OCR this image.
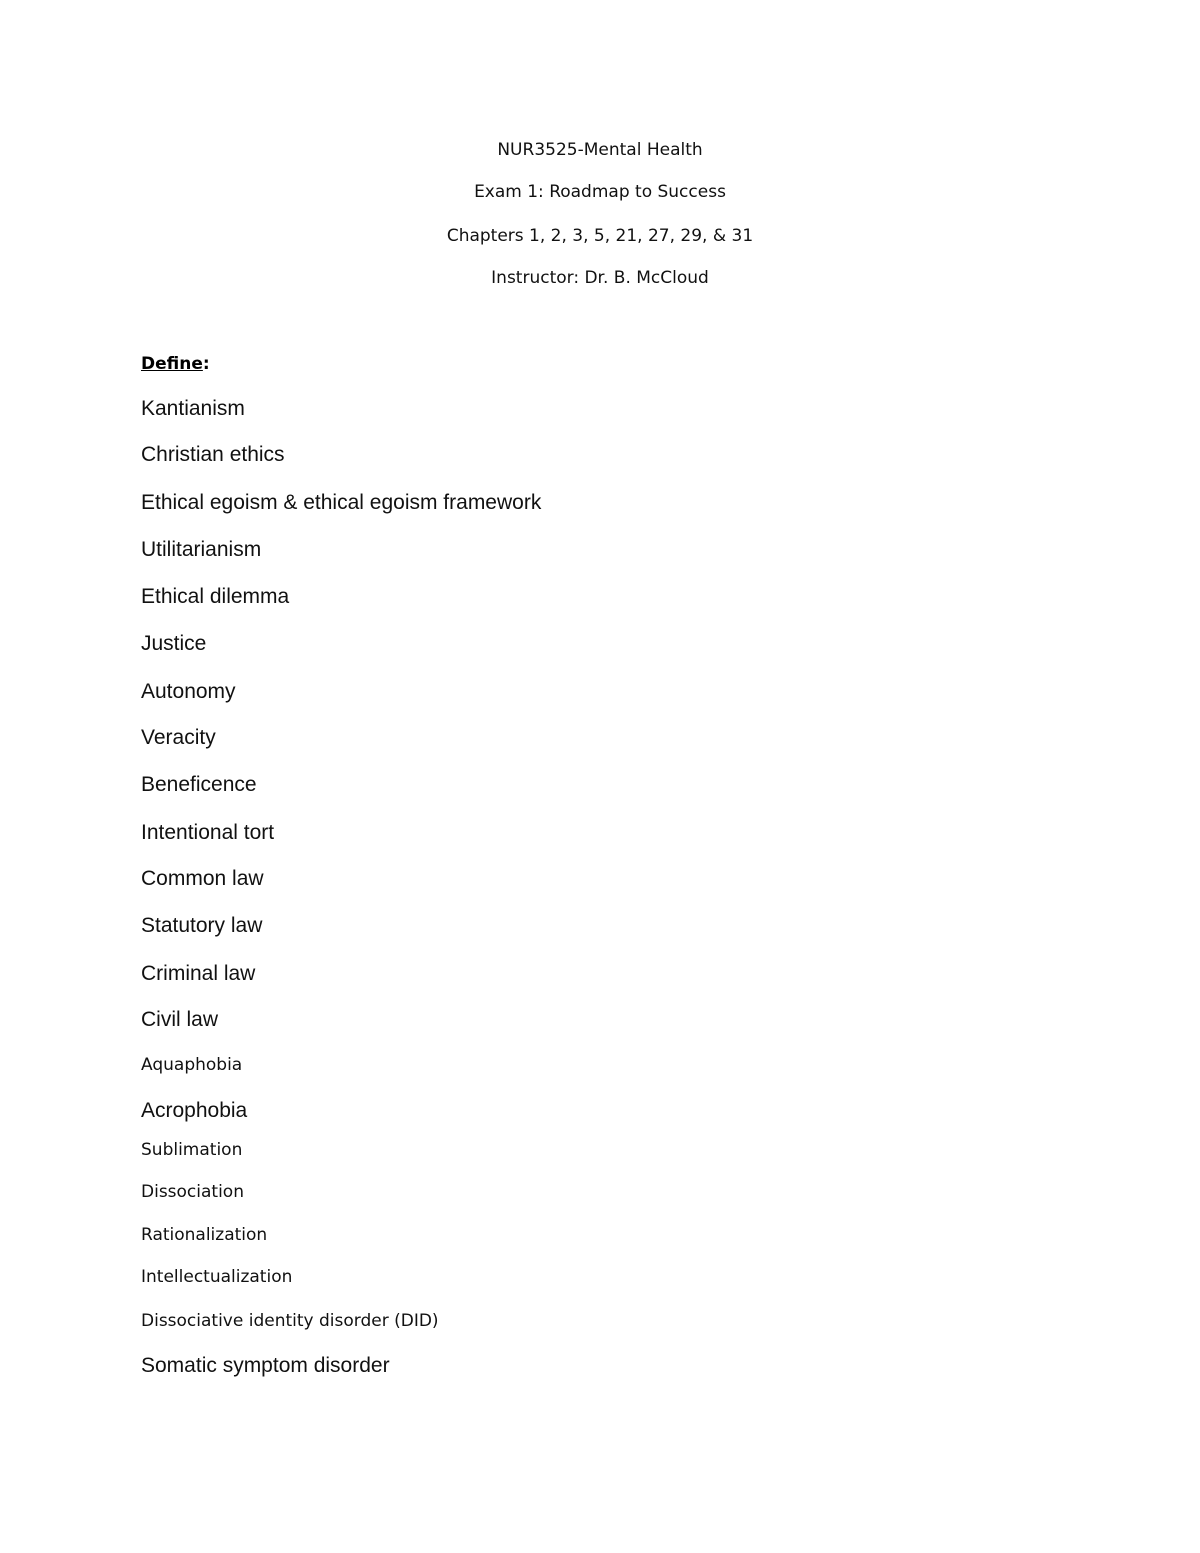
NUR3525-Mental Health
Exam 1: Roadmap to Success
Chapters 1, 2, 3, 5, 21, 27, 29, & 31
Instructor: Dr. B. McCloud
Define:
Kantianism
Christian ethics
Ethical egoism & ethical egoism framework
Utilitarianism
Ethical dilemma
Justice
Autonomy
Veracity
Beneficence
Intentional tort
Common law
Statutory law
Criminal law
Civil law
Aquaphobia
Acrophobia
Sublimation
Dissociation
Rationalization
Intellectualization
Dissociative identity disorder (DID)
Somatic symptom disorder
